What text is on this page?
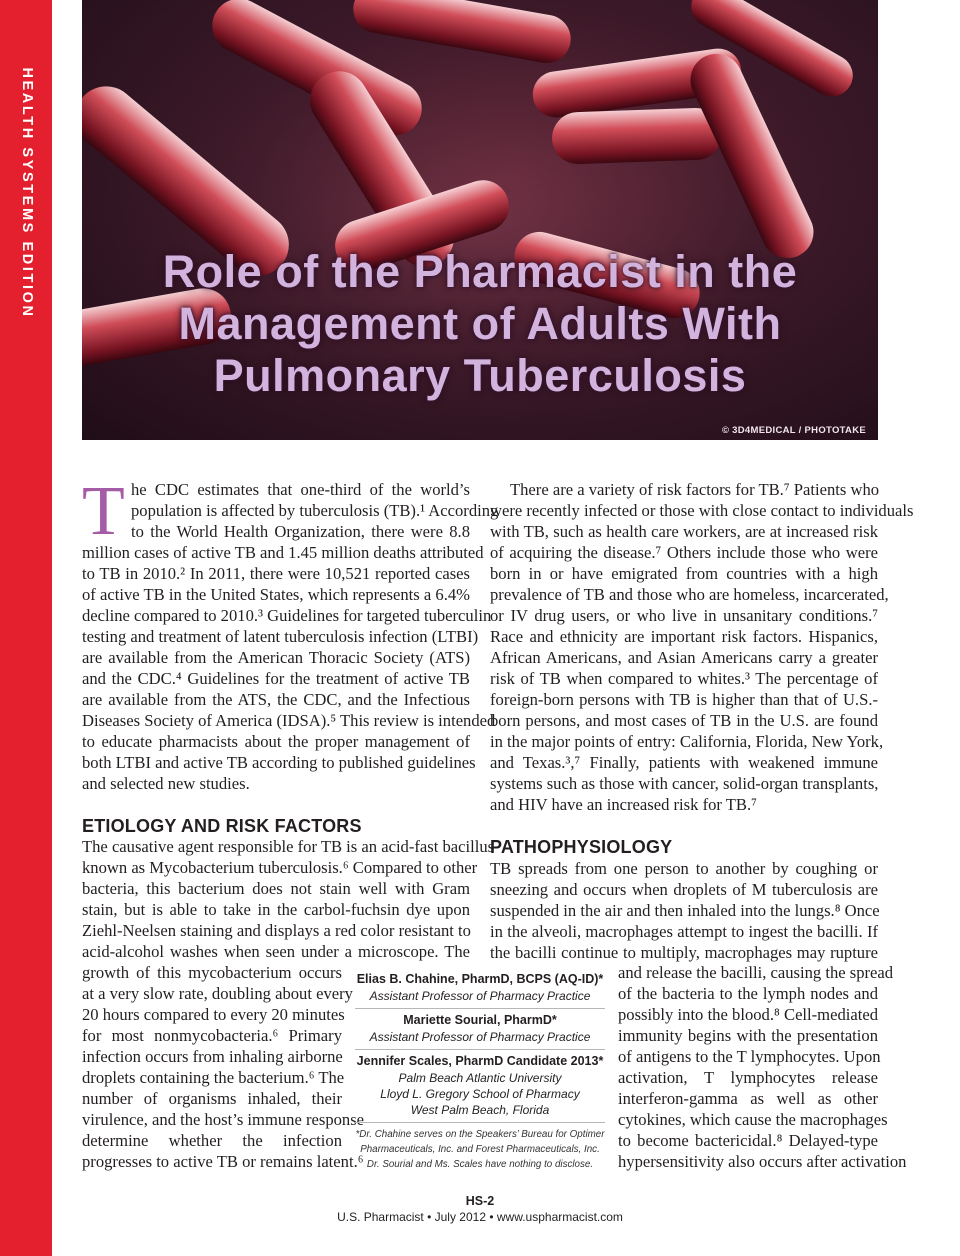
HEALTH SYSTEMS EDITION	Role of the Pharmacist in the
Management of Adults With
Pulmonary Tuberculosis
© 3D4MEDICAL / PHOTOTAKE
T he CDC estimates that one-third of the world’s
population is affected by tuberculosis (TB).¹ According
to the World Health Organization, there were 8.8
million cases of active TB and 1.45 million deaths attributed
to TB in 2010.² In 2011, there were 10,521 reported cases
of active TB in the United States, which represents a 6.4%
decline compared to 2010.³ Guidelines for targeted tuberculin
testing and treatment of latent tuberculosis infection (LTBI)
are available from the American Thoracic Society (ATS)
and the CDC.⁴ Guidelines for the treatment of active TB
are available from the ATS, the CDC, and the Infectious
Diseases Society of America (IDSA).⁵ This review is intended
to educate pharmacists about the proper management of
both LTBI and active TB according to published guidelines
and selected new studies.
ETIOLOGY AND RISK FACTORS
The causative agent responsible for TB is an acid-fast bacillus
known as Mycobacterium tuberculosis.⁶ Compared to other
bacteria, this bacterium does not stain well with Gram
stain, but is able to take in the carbol-fuchsin dye upon
Ziehl-Neelsen staining and displays a red color resistant to
acid-alcohol washes when seen under a microscope. The
growth of this mycobacterium occurs
at a very slow rate, doubling about every
20 hours compared to every 20 minutes
for most nonmycobacteria.⁶ Primary
infection occurs from inhaling airborne
droplets containing the bacterium.⁶ The
number of organisms inhaled, their
virulence, and the host’s immune response
determine whether the infection
progresses to active TB or remains latent.⁶
There are a variety of risk factors for TB.⁷ Patients who
were recently infected or those with close contact to individuals
with TB, such as health care workers, are at increased risk
of acquiring the disease.⁷ Others include those who were
born in or have emigrated from countries with a high
prevalence of TB and those who are homeless, incarcerated,
or IV drug users, or who live in unsanitary conditions.⁷
Race and ethnicity are important risk factors. Hispanics,
African Americans, and Asian Americans carry a greater
risk of TB when compared to whites.³ The percentage of
foreign-born persons with TB is higher than that of U.S.-
born persons, and most cases of TB in the U.S. are found
in the major points of entry: California, Florida, New York,
and Texas.³,⁷ Finally, patients with weakened immune
systems such as those with cancer, solid-organ transplants,
and HIV have an increased risk for TB.⁷
PATHOPHYSIOLOGY
TB spreads from one person to another by coughing or
sneezing and occurs when droplets of M tuberculosis are
suspended in the air and then inhaled into the lungs.⁸ Once
in the alveoli, macrophages attempt to ingest the bacilli. If
the bacilli continue to multiply, macrophages may rupture
and release the bacilli, causing the spread
of the bacteria to the lymph nodes and
possibly into the blood.⁸ Cell-mediated
immunity begins with the presentation
of antigens to the T lymphocytes. Upon
activation, T lymphocytes release
interferon-gamma as well as other
cytokines, which cause the macrophages
to become bactericidal.⁸ Delayed-type
hypersensitivity also occurs after activation
Elias B. Chahine, PharmD, BCPS (AQ-ID)*
Assistant Professor of Pharmacy Practice
Mariette Sourial, PharmD*
Assistant Professor of Pharmacy Practice
Jennifer Scales, PharmD Candidate 2013*
Palm Beach Atlantic University
Lloyd L. Gregory School of Pharmacy
West Palm Beach, Florida
*Dr. Chahine serves on the Speakers’ Bureau for Optimer
Pharmaceuticals, Inc. and Forest Pharmaceuticals, Inc.
Dr. Sourial and Ms. Scales have nothing to disclose.
HS-2
U.S. Pharmacist • July 2012 • www.uspharmacist.com
